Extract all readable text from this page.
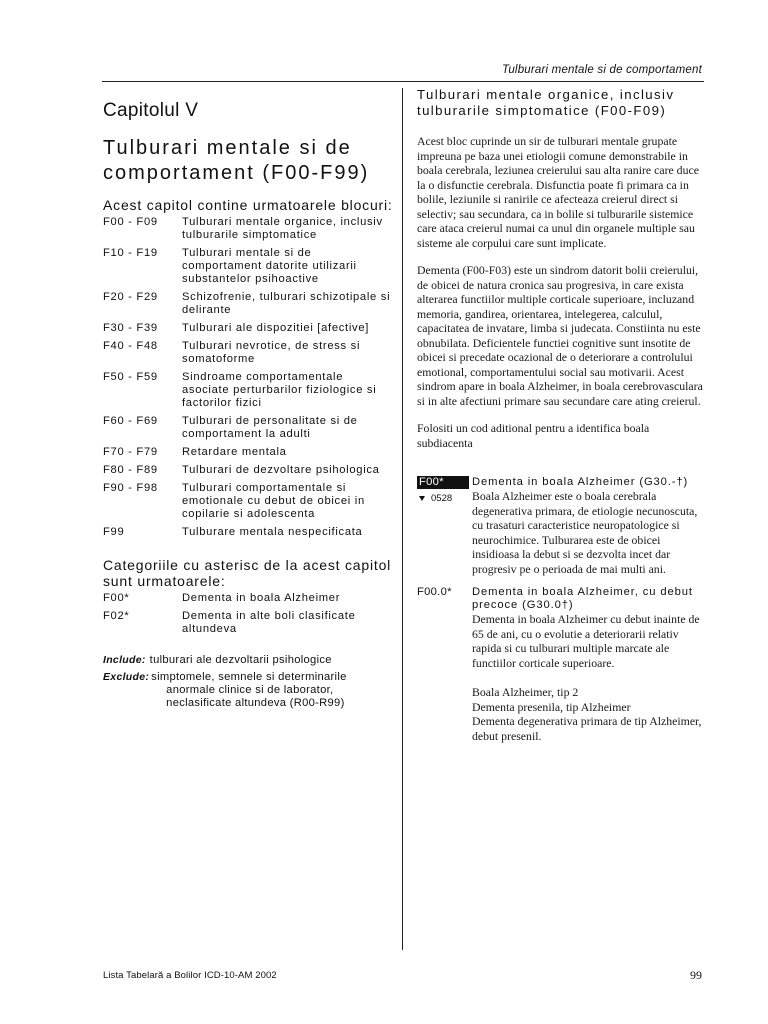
Tulburari mentale si de comportament
Capitolul V
Tulburari mentale si de comportament (F00-F99)
Acest capitol contine urmatoarele blocuri:
F00 - F09	Tulburari mentale organice, inclusiv tulburarile simptomatice
F10 - F19	Tulburari mentale si de comportament datorite utilizarii substantelor psihoactive
F20 - F29	Schizofrenie, tulburari schizotipale si delirante
F30 - F39	Tulburari ale dispozitiei [afective]
F40 - F48	Tulburari nevrotice, de stress si somatoforme
F50 - F59	Sindroame comportamentale asociate perturbarilor fiziologice si factorilor fizici
F60 - F69	Tulburari de personalitate si de comportament la adulti
F70 - F79	Retardare mentala
F80 - F89	Tulburari de dezvoltare psihologica
F90 - F98	Tulburari comportamentale si emotionale cu debut de obicei in copilarie si adolescenta
F99	Tulburare mentala nespecificata
Categoriile cu asterisc de la acest capitol sunt urmatoarele:
F00*	Dementa in boala Alzheimer
F02*	Dementa in alte boli clasificate altundeva
Include: tulburari ale dezvoltarii psihologice
Exclude: simptomele, semnele si determinarile
anormale clinice si de laborator,
neclasificate altundeva (R00-R99)
Tulburari mentale organice, inclusiv tulburarile simptomatice (F00-F09)

Acest bloc cuprinde un sir de tulburari mentale grupate impreuna pe baza unei etiologii comune demonstrabile in boala cerebrala, leziunea creierului sau alta ranire care duce la o disfunctie cerebrala. Disfunctia poate fi primara ca in bolile, leziunile si ranirile ce afecteaza creierul direct si selectiv; sau secundara, ca in bolile si tulburarile sistemice care ataca creierul numai ca unul din organele multiple sau sisteme ale corpului care sunt implicate.

Dementa (F00-F03) este un sindrom datorit bolii creierului, de obicei de natura cronica sau progresiva, in care exista alterarea functiilor multiple corticale superioare, incluzand memoria, gandirea, orientarea, intelegerea, calculul, capacitatea de invatare, limba si judecata. Constiinta nu este obnubilata. Deficientele functiei cognitive sunt insotite de obicei si precedate ocazional de o deteriorare a controlului emotional, comportamentului social sau motivarii. Acest sindrom apare in boala Alzheimer, in boala cerebrovasculara si in alte afectiuni primare sau secundare care ating creierul.

Folositi un cod aditional pentru a identifica boala subdiacenta

F00*	Dementa in boala Alzheimer (G30.-†)
0528 Boala Alzheimer este o boala cerebrala degenerativa primara, de etiologie necunoscuta, cu trasaturi caracteristice neuropatologice si neurochimice. Tulburarea este de obicei insidioasa la debut si se dezvolta incet dar progresiv pe o perioada de mai multi ani.

F00.0* Dementa in boala Alzheimer, cu debut precoce (G30.0†)

Dementa in boala Alzheimer cu debut inainte de 65 de ani, cu o evolutie a deteriorarii relativ rapida si cu tulburari multiple marcate ale functiilor corticale superioare.

Boala Alzheimer, tip 2
Dementa presenila, tip Alzheimer
Dementa degenerativa primara de tip Alzheimer, debut presenil.
Lista Tabelară a Bolilor ICD-10-AM 2002	99
